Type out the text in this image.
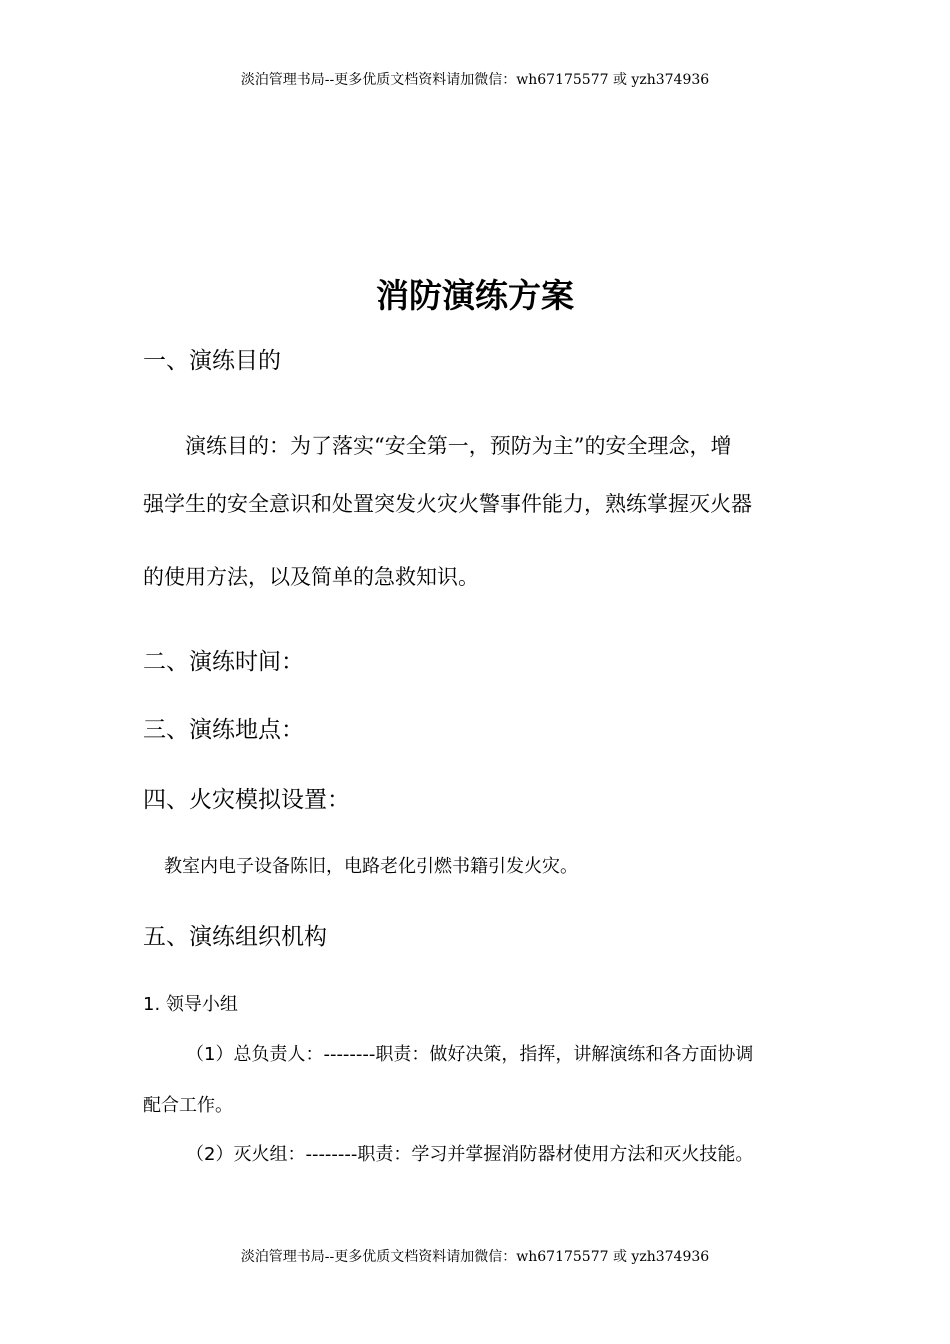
淡泊管理书局--更多优质文档资料请加微信：wh67175577 或 yzh374936
消防演练方案
一、演练目的
　　演练目的：为了落实“安全第一，预防为主”的安全理念，增
强学生的安全意识和处置突发火灾火警事件能力，熟练掌握灭火器
的使用方法，以及简单的急救知识。
二、演练时间：
三、演练地点：
四、火灾模拟设置：
教室内电子设备陈旧，电路老化引燃书籍引发火灾。
五、演练组织机构
1. 领导小组
（1）总负责人：--------职责：做好决策，指挥，讲解演练和各方面协调
配合工作。
（2）灭火组：--------职责：学习并掌握消防器材使用方法和灭火技能。
淡泊管理书局--更多优质文档资料请加微信：wh67175577 或 yzh374936
